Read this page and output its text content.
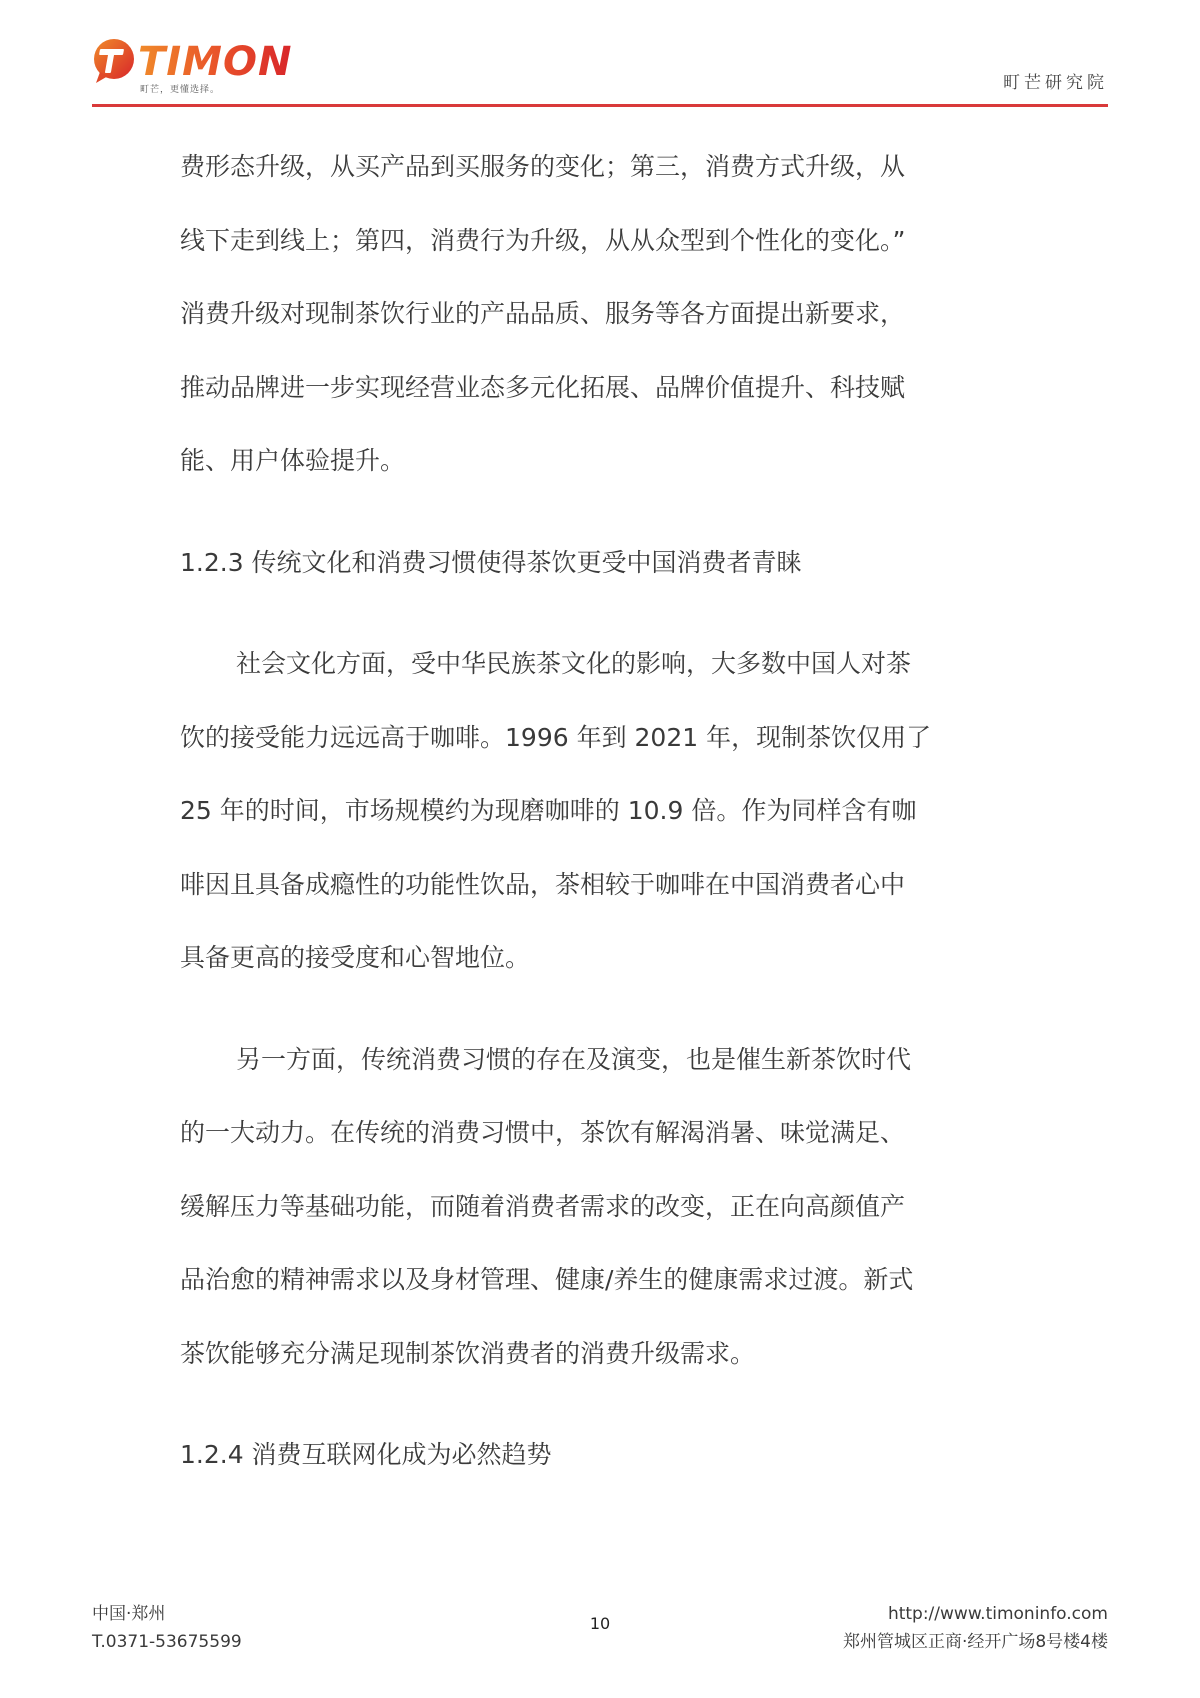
TIMON
町芒，更懂选择。	町芒研究院
费形态升级，从买产品到买服务的变化；第三，消费方式升级，从
线下走到线上；第四，消费行为升级，从从众型到个性化的变化。”
消费升级对现制茶饮行业的产品品质、服务等各方面提出新要求，
推动品牌进一步实现经营业态多元化拓展、品牌价值提升、科技赋
能、用户体验提升。
1.2.3 传统文化和消费习惯使得茶饮更受中国消费者青睐
社会文化方面，受中华民族茶文化的影响，大多数中国人对茶
饮的接受能力远远高于咖啡。1996 年到 2021 年，现制茶饮仅用了
25 年的时间，市场规模约为现磨咖啡的 10.9 倍。作为同样含有咖
啡因且具备成瘾性的功能性饮品，茶相较于咖啡在中国消费者心中
具备更高的接受度和心智地位。
另一方面，传统消费习惯的存在及演变，也是催生新茶饮时代
的一大动力。在传统的消费习惯中，茶饮有解渴消暑、味觉满足、
缓解压力等基础功能，而随着消费者需求的改变，正在向高颜值产
品治愈的精神需求以及身材管理、健康/养生的健康需求过渡。新式
茶饮能够充分满足现制茶饮消费者的消费升级需求。
1.2.4 消费互联网化成为必然趋势
中国·郑州
T.0371-53675599
10	http://www.timoninfo.com
郑州管城区正商·经开广场8号楼4楼
